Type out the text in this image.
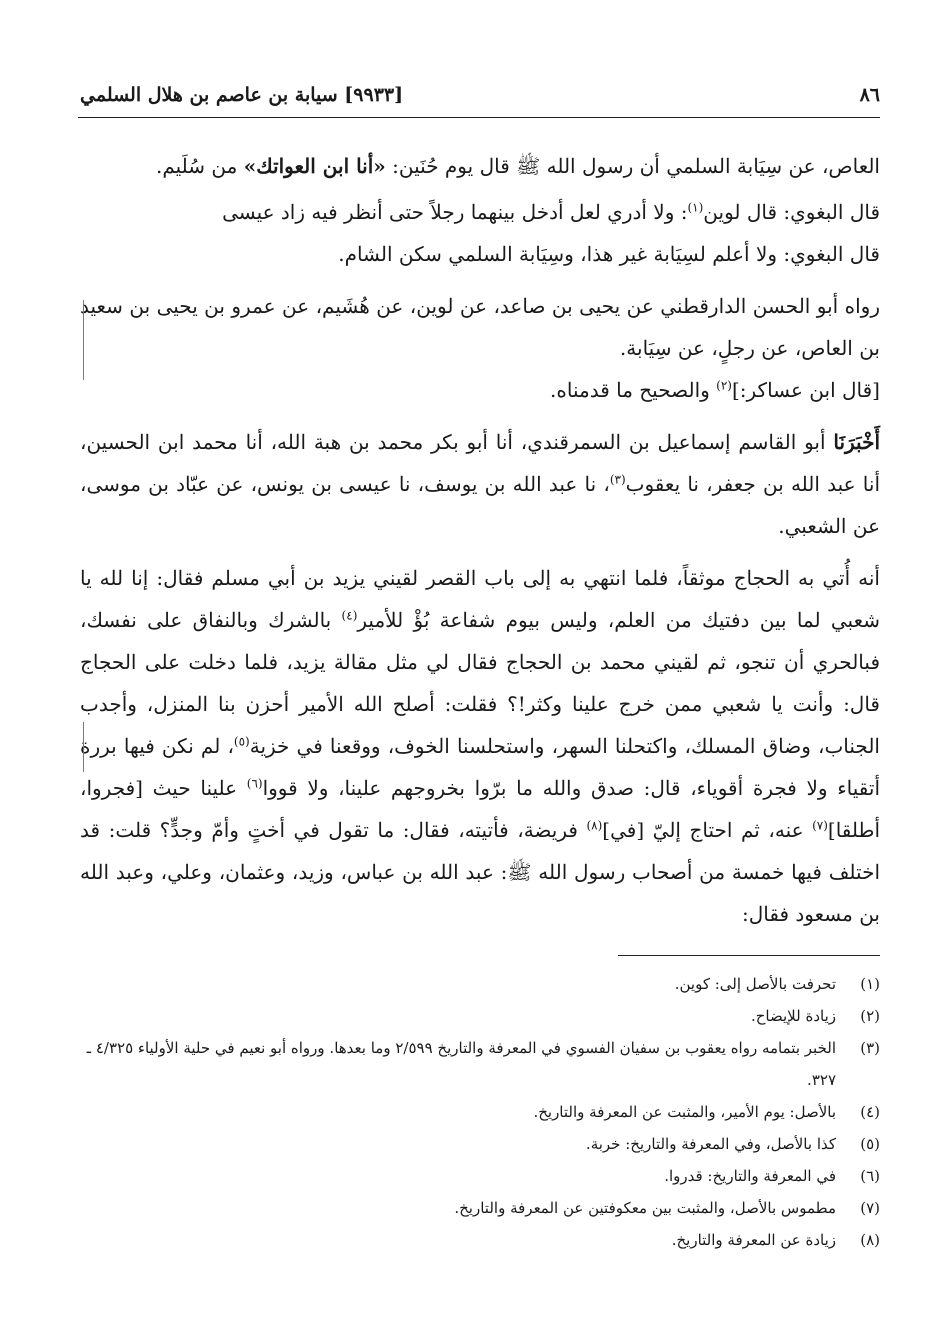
٨٦
[٩٩٣٣] سيابة بن عاصم بن هلال السلمي

العاص، عن سِيَابة السلمي أن رسول الله ﷺ قال يوم حُنَين: «أنا ابن العواتك» من سُلَيم.

قال البغوي: قال لوين$^{(١)}$: ولا أدري لعل أدخل بينهما رجلاً حتى أنظر فيه زاد عيسى

قال البغوي: ولا أعلم لسِيَابة غير هذا، وسِيَابة السلمي سكن الشام.

رواه أبو الحسن الدارقطني عن يحيى بن صاعد، عن لوين، عن هُشَيم، عن عمرو بن يحيى بن سعيد بن العاص، عن رجلٍ، عن سِيَابة.

[قال ابن عساكر:]$^{(٢)}$ والصحيح ما قدمناه.

أَخْبَرَنَا أبو القاسم إسماعيل بن السمرقندي، أنا أبو بكر محمد بن هبة الله، أنا محمد ابن الحسين، أنا عبد الله بن جعفر، نا يعقوب$^{(٣)}$، نا عبد الله بن يوسف، نا عيسى بن يونس، عن عبّاد بن موسى، عن الشعبي.

أنه أُتي به الحجاج موثقاً، فلما انتهي به إلى باب القصر لقيني يزيد بن أبي مسلم فقال: إنا لله يا شعبي لما بين دفتيك من العلم، وليس بيوم شفاعة بُؤْ للأمير$^{(٤)}$ بالشرك وبالنفاق على نفسك، فبالحري أن تنجو، ثم لقيني محمد بن الحجاج فقال لي مثل مقالة يزيد، فلما دخلت على الحجاج قال: وأنت يا شعبي ممن خرج علينا وكثر!؟ فقلت: أصلح الله الأمير أحزن بنا المنزل، وأجدب الجناب، وضاق المسلك، واكتحلنا السهر، واستحلسنا الخوف، ووقعنا في خزية$^{(٥)}$، لم نكن فيها بررة أتقياء ولا فجرة أقوياء، قال: صدق والله ما برّوا بخروجهم علينا، ولا قووا$^{(٦)}$ علينا حيث [فجروا، أطلقا]$^{(٧)}$ عنه، ثم احتاج إليّ [في]$^{(٨)}$ فريضة، فأتيته، فقال: ما تقول في أختٍ وأمّ وجدٍّ؟ قلت: قد اختلف فيها خمسة من أصحاب رسول الله ﷺ: عبد الله بن عباس، وزيد، وعثمان، وعلي، وعبد الله بن مسعود فقال:

(١)
تحرفت بالأصل إلى: كوين.
(٢)
زيادة للإيضاح.
(٣)
الخبر بتمامه رواه يعقوب بن سفيان الفسوي في المعرفة والتاريخ ٢/٥٩٩ وما بعدها. ورواه أبو نعيم في حلية الأولياء ٤/٣٢٥ ـ ٣٢٧.
(٤)
بالأصل: يوم الأمير، والمثبت عن المعرفة والتاريخ.
(٥)
كذا بالأصل، وفي المعرفة والتاريخ: خربة.
(٦)
في المعرفة والتاريخ: قدروا.
(٧)
مطموس بالأصل، والمثبت بين معكوفتين عن المعرفة والتاريخ.
(٨)
زيادة عن المعرفة والتاريخ.
